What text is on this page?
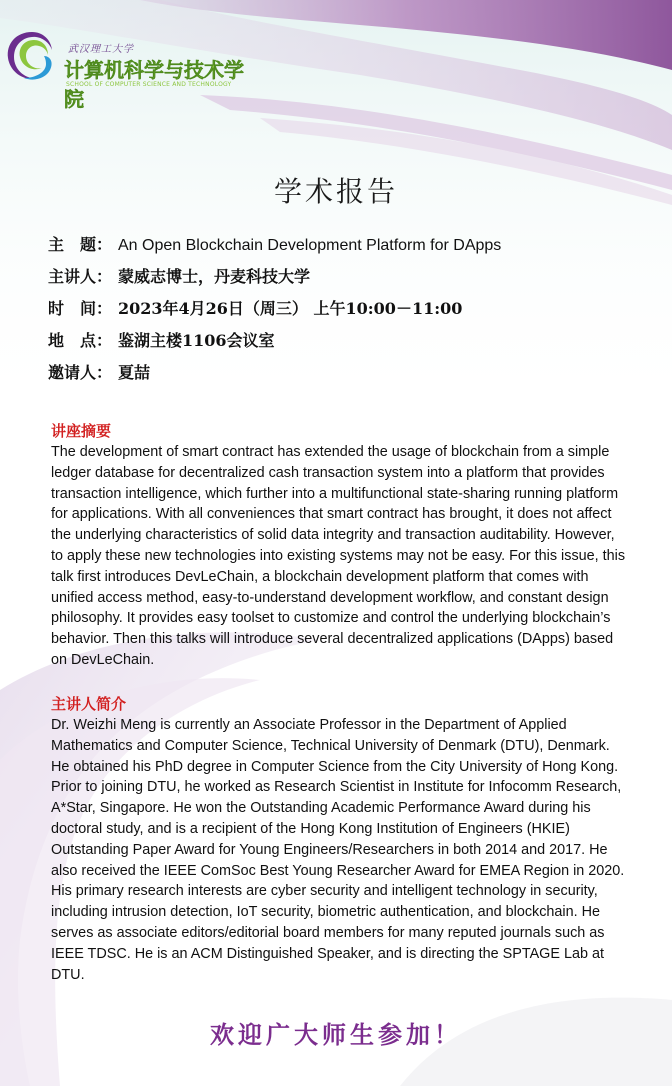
武汉理工大学
计算机科学与技术学院
SCHOOL OF COMPUTER SCIENCE AND TECHNOLOGY
学术报告
主　题： An Open Blockchain Development Platform for DApps
主讲人： 蒙威志博士，丹麦科技大学
时　间： 2023年4月26日（周三） 上午10:00－11:00
地　点： 鉴湖主楼1106会议室
邀请人： 夏喆
讲座摘要

The development of smart contract has extended the usage of blockchain from a simple ledger database for decentralized cash transaction system into a platform that provides transaction intelligence, which further into a multifunctional state-sharing running platform for applications. With all conveniences that smart contract has brought, it does not affect the underlying characteristics of solid data integrity and transaction auditability. However, to apply these new technologies into existing systems may not be easy. For this issue, this talk first introduces DevLeChain, a blockchain development platform that comes with unified access method, easy-to-understand development workflow, and constant design philosophy. It provides easy toolset to customize and control the underlying blockchain’s behavior. Then this talks will introduce several decentralized applications (DApps) based on DevLeChain.

主讲人简介

Dr. Weizhi Meng is currently an Associate Professor in the Department of Applied Mathematics and Computer Science, Technical University of Denmark (DTU), Denmark. He obtained his PhD degree in Computer Science from the City University of Hong Kong. Prior to joining DTU, he worked as Research Scientist in Institute for Infocomm Research, A*Star, Singapore. He won the Outstanding Academic Performance Award during his doctoral study, and is a recipient of the Hong Kong Institution of Engineers (HKIE) Outstanding Paper Award for Young Engineers/Researchers in both 2014 and 2017. He also received the IEEE ComSoc Best Young Researcher Award for EMEA Region in 2020. His primary research interests are cyber security and intelligent technology in security, including intrusion detection, IoT security, biometric authentication, and blockchain. He serves as associate editors/editorial board members for many reputed journals such as IEEE TDSC. He is an ACM Distinguished Speaker, and is directing the SPTAGE Lab at DTU.

欢迎广大师生参加！
